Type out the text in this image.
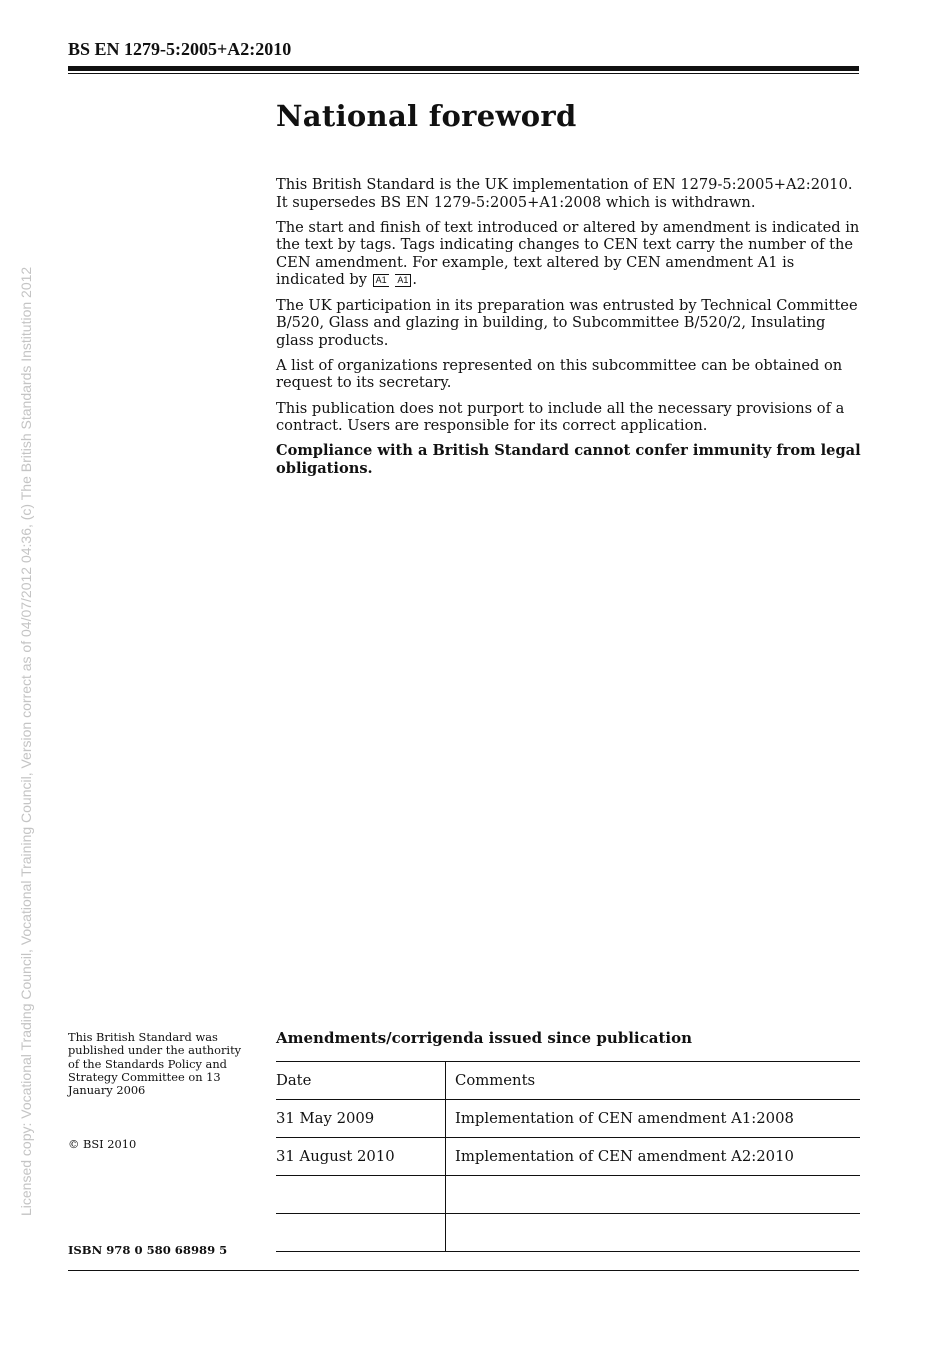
BS EN 1279-5:2005+A2:2010
Licensed copy: Vocational Trading Council, Vocational Training Council, Version correct as of 04/07/2012 04:36, (c) The British Standards Institution 2012
National foreword

This British Standard is the UK implementation of EN 1279-5:2005+A2:2010. It supersedes BS EN 1279-5:2005+A1:2008 which is withdrawn.

The start and finish of text introduced or altered by amendment is indicated in the text by tags. Tags indicating changes to CEN text carry the number of the CEN amendment. For example, text altered by CEN amendment A1 is indicated by A1 A1 .

The UK participation in its preparation was entrusted by Technical Committee B/520, Glass and glazing in building, to Subcommittee B/520/2, Insulating glass products.

A list of organizations represented on this subcommittee can be obtained on request to its secretary.

This publication does not purport to include all the necessary provisions of a contract. Users are responsible for its correct application.

Compliance with a British Standard cannot confer immunity from legal obligations.

This British Standard was published under the authority of the Standards Policy and Strategy Committee on 13 January 2006
© BSI 2010
ISBN 978 0 580 68989 5
Amendments/corrigenda issued since publication
Date	Comments
31 May 2009	Implementation of CEN amendment A1:2008
31 August 2010	Implementation of CEN amendment A2:2010
